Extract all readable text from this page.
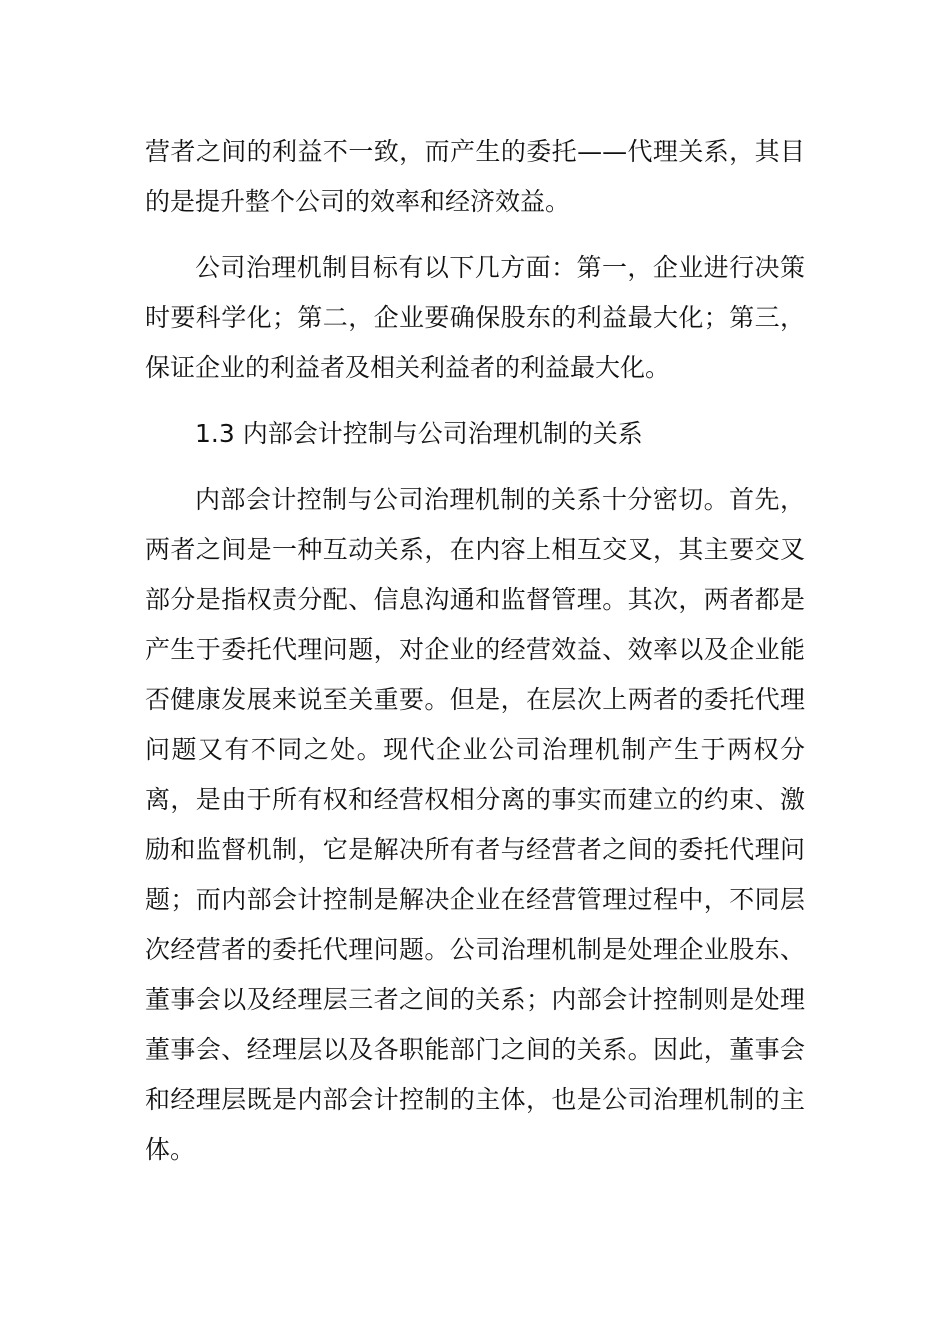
营者之间的利益不一致，而产生的委托——代理关系，其目的是提升整个公司的效率和经济效益。

公司治理机制目标有以下几方面：第一，企业进行决策时要科学化；第二，企业要确保股东的利益最大化；第三，保证企业的利益者及相关利益者的利益最大化。

1.3 内部会计控制与公司治理机制的关系

内部会计控制与公司治理机制的关系十分密切。首先，两者之间是一种互动关系，在内容上相互交叉，其主要交叉部分是指权责分配、信息沟通和监督管理。其次，两者都是产生于委托代理问题，对企业的经营效益、效率以及企业能否健康发展来说至关重要。但是，在层次上两者的委托代理问题又有不同之处。现代企业公司治理机制产生于两权分离，是由于所有权和经营权相分离的事实而建立的约束、激励和监督机制，它是解决所有者与经营者之间的委托代理问题；而内部会计控制是解决企业在经营管理过程中，不同层次经营者的委托代理问题。公司治理机制是处理企业股东、董事会以及经理层三者之间的关系；内部会计控制则是处理董事会、经理层以及各职能部门之间的关系。因此，董事会和经理层既是内部会计控制的主体，也是公司治理机制的主体。
